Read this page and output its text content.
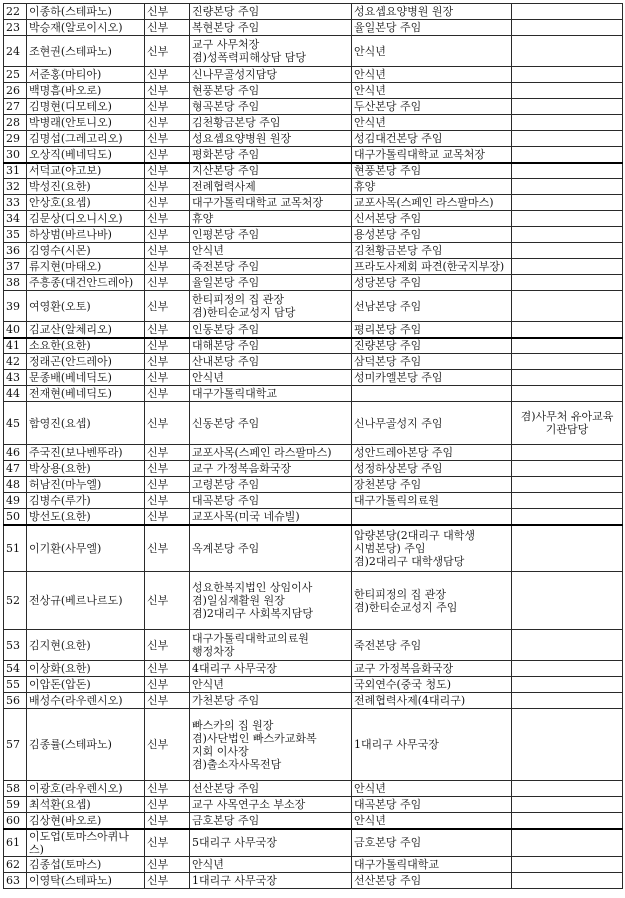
22	이종하(스테파노)	신부	진량본당 주임	성요셉요양병원 원장	
23	박승재(알로이시오)	신부	복현본당 주임	율일본당 주임	
24	조현권(스테파노)	신부	교구 사무처장
겸)성폭력피해상담 담당	안식년	
25	서준홍(마티아)	신부	신나무골성지담당	안식년	
26	백명흠(바오로)	신부	현풍본당 주임	안식년	
27	김명현(디모테오)	신부	형곡본당 주임	두산본당 주임	
28	박병래(안토니오)	신부	김천황금본당 주임	안식년	
29	김명섭(그레고리오)	신부	성요셉요양병원 원장	성김대건본당 주임	
30	오상직(베네딕도)	신부	평화본당 주임	대구가톨릭대학교 교목처장	
31	서덕교(야고보)	신부	지산본당 주임	현풍본당 주임	
32	박성진(요한)	신부	전례협력사제	휴양	
33	안상호(요셉)	신부	대구가톨릭대학교 교목처장	교포사목(스페인 라스팔마스)	
34	김문상(디오니시오)	신부	휴양	신서본당 주임	
35	하상범(바르나바)	신부	인평본당 주임	용성본당 주임	
36	김영수(시몬)	신부	안식년	김천황금본당 주임	
37	류지현(마태오)	신부	죽전본당 주임	프라도사제회 파견(한국지부장)	
38	주흥종(대건안드레아)	신부	율일본당 주임	성당본당 주임	
39	여영환(오토)	신부	한티피정의 집 관장
겸)한티순교성지 담당	선남본당 주임	
40	김교산(알체리오)	신부	인동본당 주임	평리본당 주임	
41	소요한(요한)	신부	대해본당 주임	진량본당 주임	
42	정래곤(안드레아)	신부	산내본당 주임	삼덕본당 주임	
43	문종배(베네딕도)	신부	안식년	성미카엘본당 주임	
44	전재현(베네딕도)	신부	대구가톨릭대학교		
45	함영진(요셉)	신부	신동본당 주임	신나무골성지 주임	겸)사무처 유아교육
기관담당
46	주국진(보나벤뚜라)	신부	교포사목(스페인 라스팔마스)	성안드레아본당 주임	
47	박상용(요한)	신부	교구 가정복음화국장	성정하상본당 주임	
48	허남진(마누엘)	신부	고령본당 주임	장천본당 주임	
49	김병수(루가)	신부	대곡본당 주임	대구가톨릭의료원	
50	방선도(요한)	신부	교포사목(미국 네슈빌)		
51	이기환(사무엘)	신부	옥계본당 주임	압량본당(2대리구 대학생
시범본당) 주임
겸)2대리구 대학생담당	
52	전상규(베르나르도)	신부	성요한복지법인 상임이사
겸)일심재활원 원장
겸)2대리구 사회복지담당	한티피정의 집 관장
겸)한티순교성지 주임	
53	김지현(요한)	신부	대구가톨릭대학교의료원
행정차장	죽전본당 주임	
54	이상화(요한)	신부	4대리구 사무국장	교구 가정복음화국장	
55	이압돈(압돈)	신부	안식년	국외연수(중국 청도)	
56	배성수(라우렌시오)	신부	가천본당 주임	전례협력사제(4대리구)	
57	김종률(스테파노)	신부	빠스카의 집 원장
겸)사단법인 빠스카교화복
지회 이사장
겸)출소자사목전담	1대리구 사무국장	
58	이광호(라우렌시오)	신부	선산본당 주임	안식년	
59	최석환(요셉)	신부	교구 사목연구소 부소장	대곡본당 주임	
60	김상현(바오로)	신부	금호본당 주임	안식년	
61	이도업(토마스아퀴나스)	신부	5대리구 사무국장	금호본당 주임	
62	김종섭(토마스)	신부	안식년	대구가톨릭대학교	
63	이영탁(스테파노)	신부	1대리구 사무국장	선산본당 주임	
